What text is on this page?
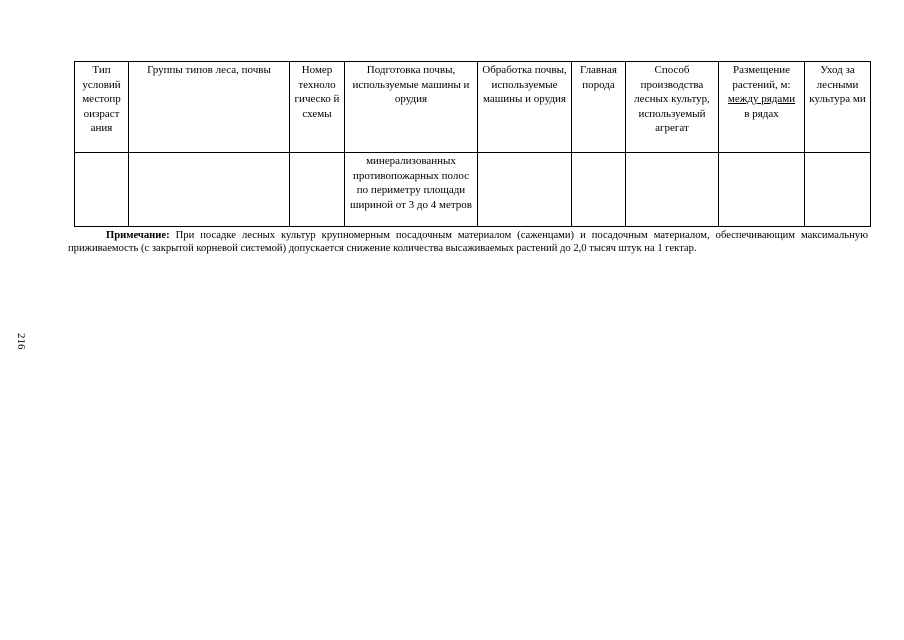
216
Тип условий местопр оизраст ания	Группы типов леса, почвы	Номер техноло гическо й схемы	Подготовка почвы, используемые машины и орудия	Обработка почвы, используемые машины и орудия	Главная порода	Способ производства лесных культур, используемый агрегат	Размещение растений, м:
между рядами
в рядах	Уход за лесными культура ми
			минерализованных противопожарных полос по периметру площади шириной от 3 до 4 метров					
Примечание: При посадке лесных культур крупномерным посадочным материалом (саженцами) и посадочным материалом, обеспечивающим максимальную приживаемость (с закрытой корневой системой) допускается снижение количества высаживаемых растений до 2,0 тысяч штук на 1 гектар.
